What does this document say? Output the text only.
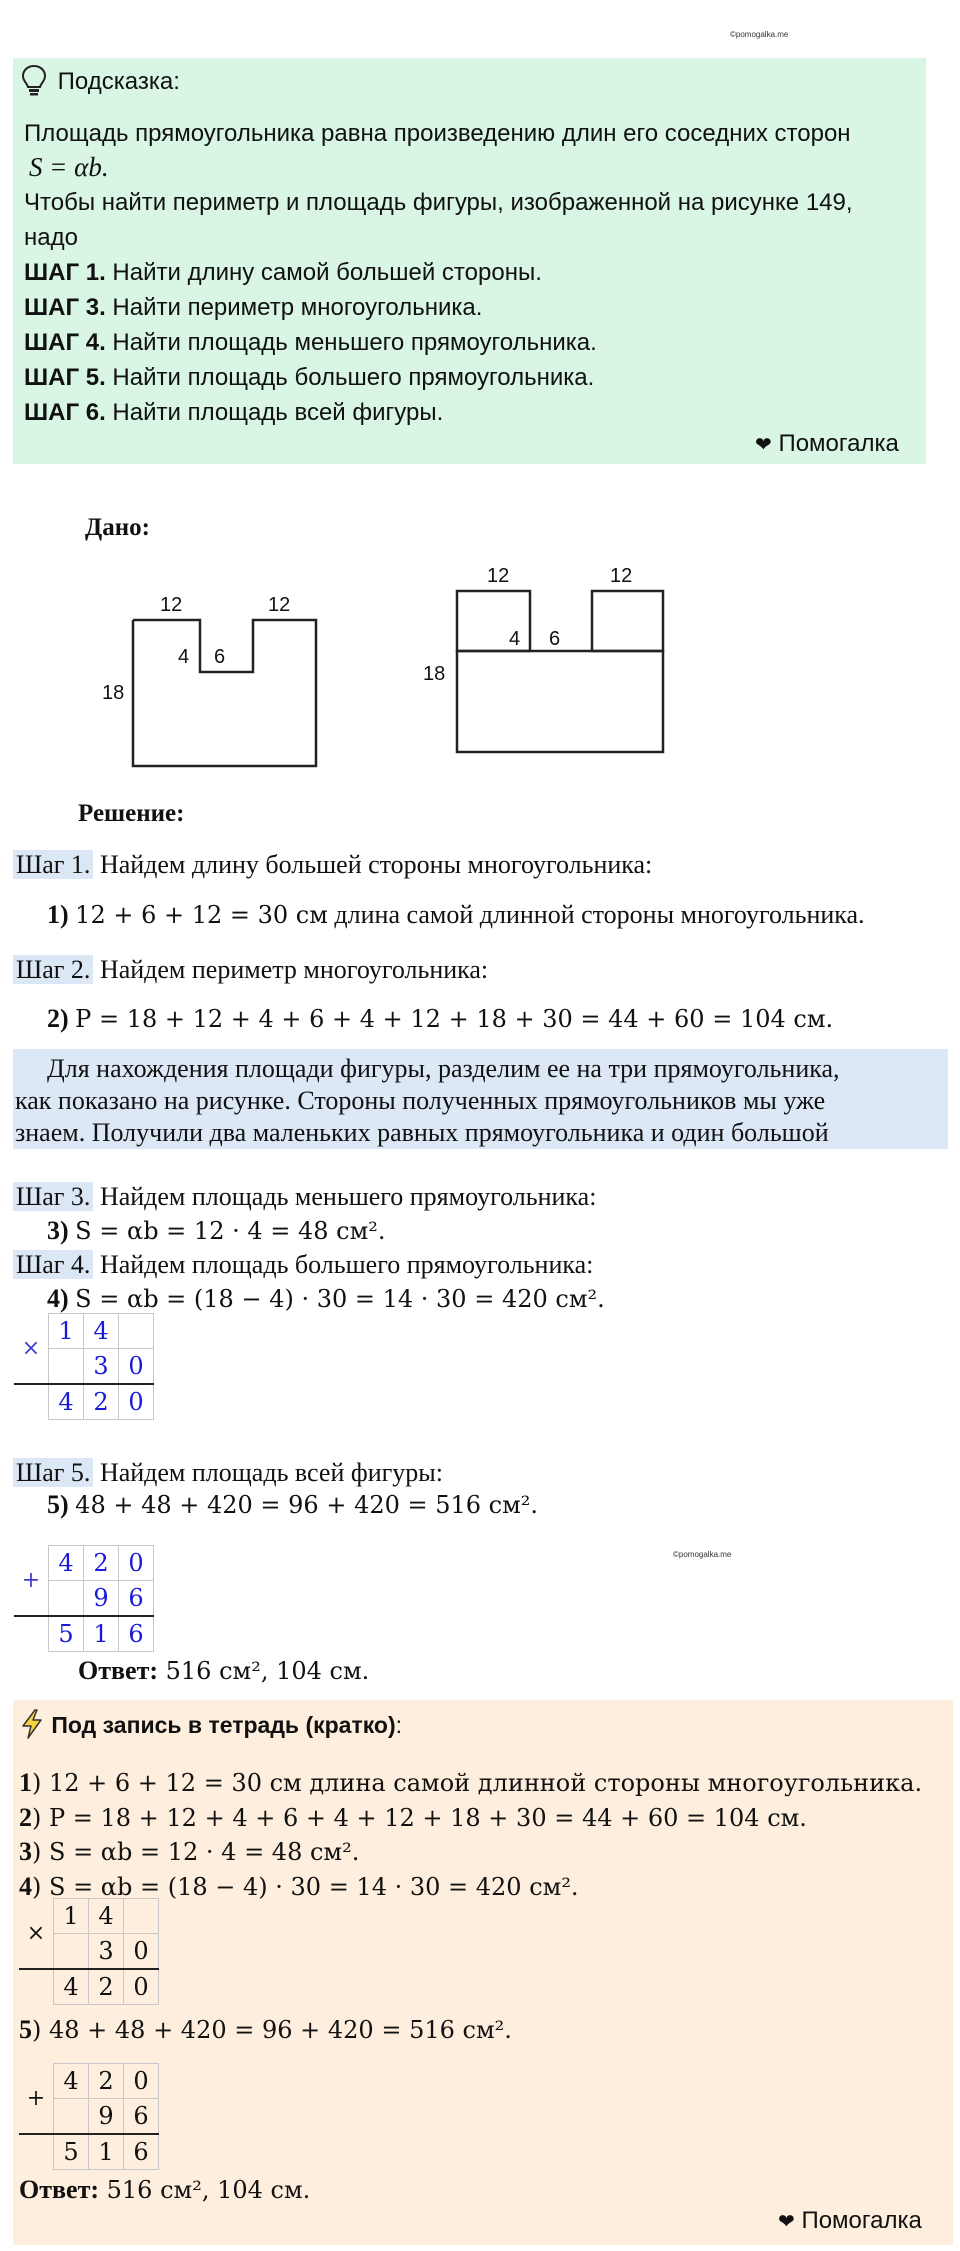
©pomogalka.me
Подсказка:
Площадь прямоугольника равна произведению длин его соседних сторон
S = αb.
Чтобы найти периметр и площадь фигуры, изображенной на рисунке 149,
надо
ШАГ 1. Найти длину самой большей стороны.
ШАГ 3. Найти периметр многоугольника.
ШАГ 4. Найти площадь меньшего прямоугольника.
ШАГ 5. Найти площадь большего прямоугольника.
ШАГ 6. Найти площадь всей фигуры.
❤ Помогалка
Дано:
12	12
18
4 6
12	12
18
4 6
Решение:
Шаг 1. Найдем длину большей стороны многоугольника:
1) 12 + 6 + 12 = 30 см длина самой длинной стороны многоугольника.
Шаг 2. Найдем периметр многоугольника:
2) P = 18 + 12 + 4 + 6 + 4 + 12 + 18 + 30 = 44 + 60 = 104 см.
Для нахождения площади фигуры, разделим ее на три прямоугольника,
как показано на рисунке. Стороны полученных прямоугольников мы уже
знаем. Получили два маленьких равных прямоугольника и один большой
Шаг 3. Найдем площадь меньшего прямоугольника:
3) S = αb = 12 · 4 = 48 см².
Шаг 4. Найдем площадь большего прямоугольника:
4) S = αb = (18 − 4) · 30 = 14 · 30 = 420 см².
×	1	4	
		3	0
	4	2	0
Шаг 5. Найдем площадь всей фигуры:
5) 48 + 48 + 420 = 96 + 420 = 516 см².
©pomogalka.me
+	4	2	0
		9	6
	5	1	6
Ответ: 516 см², 104 см.
Под запись в тетрадь (кратко):
1) 12 + 6 + 12 = 30 см длина самой длинной стороны многоугольника.
2) P = 18 + 12 + 4 + 6 + 4 + 12 + 18 + 30 = 44 + 60 = 104 см.
3) S = αb = 12 · 4 = 48 см².
4) S = αb = (18 − 4) · 30 = 14 · 30 = 420 см².
×	1	4	
		3	0
	4	2	0
5) 48 + 48 + 420 = 96 + 420 = 516 см².
+	4	2	0
		9	6
	5	1	6
Ответ: 516 см², 104 см.
❤ Помогалка
